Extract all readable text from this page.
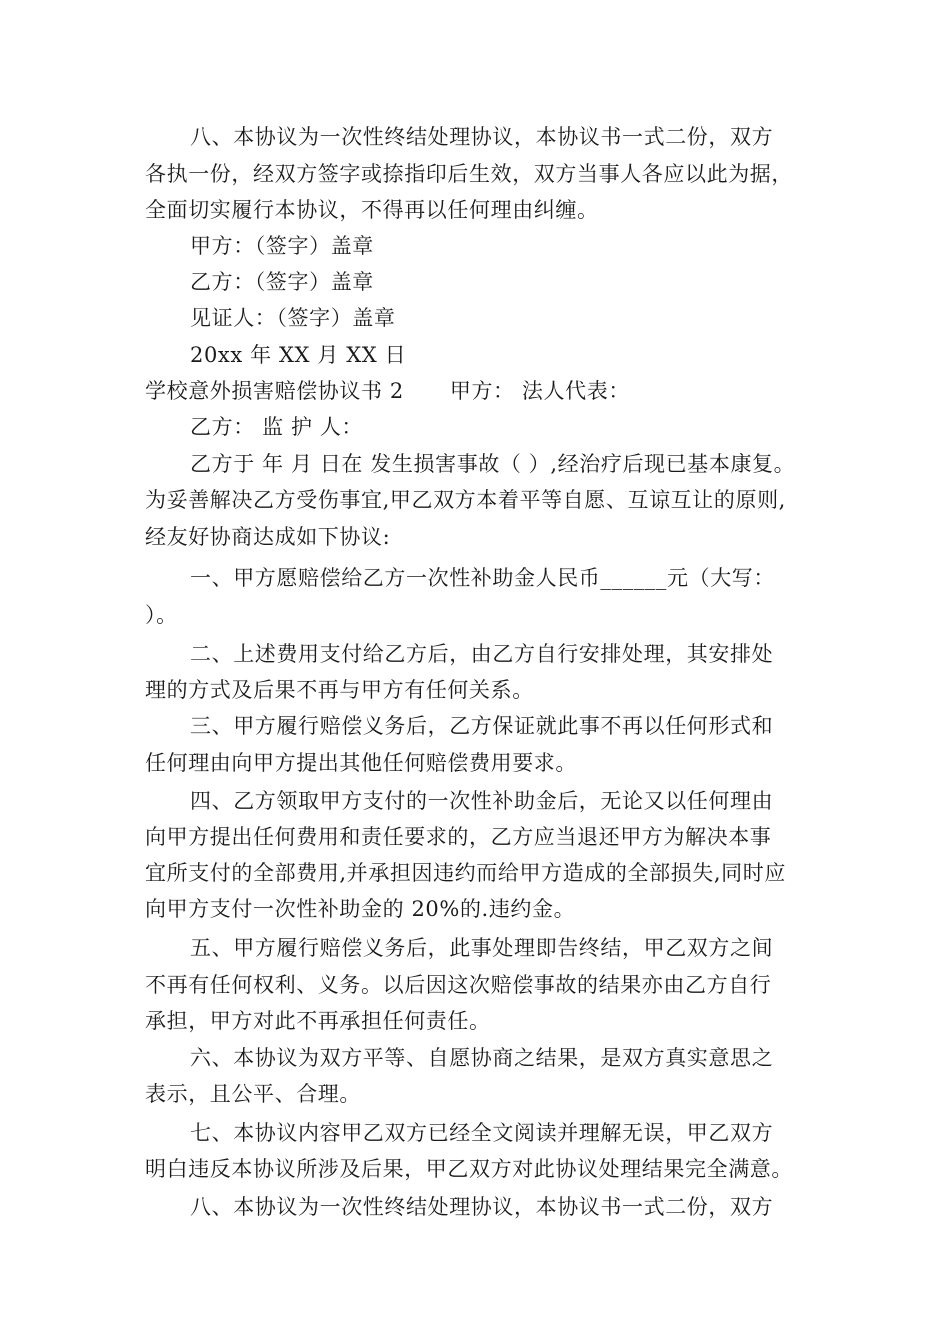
八、本协议为一次性终结处理协议，本协议书一式二份，双方
各执一份，经双方签字或捺指印后生效，双方当事人各应以此为据，
全面切实履行本协议，不得再以任何理由纠缠。
甲方：（签字）盖章
乙方：（签字）盖章
见证人：（签字）盖章
20xx 年 XX 月 XX 日
学校意外损害赔偿协议书 2 甲方： 法人代表：
乙方： 监 护 人：
乙方于 年 月 日在 发生损害事故（ ）,经治疗后现已基本康复。
为妥善解决乙方受伤事宜,甲乙双方本着平等自愿、互谅互让的原则,
经友好协商达成如下协议:
一、甲方愿赔偿给乙方一次性补助金人民币______元（大写：
）。
二、上述费用支付给乙方后，由乙方自行安排处理，其安排处
理的方式及后果不再与甲方有任何关系。
三、甲方履行赔偿义务后，乙方保证就此事不再以任何形式和
任何理由向甲方提出其他任何赔偿费用要求。
四、乙方领取甲方支付的一次性补助金后，无论又以任何理由
向甲方提出任何费用和责任要求的，乙方应当退还甲方为解决本事
宜所支付的全部费用,并承担因违约而给甲方造成的全部损失,同时应
向甲方支付一次性补助金的 20%的.违约金。
五、甲方履行赔偿义务后，此事处理即告终结，甲乙双方之间
不再有任何权利、义务。以后因这次赔偿事故的结果亦由乙方自行
承担，甲方对此不再承担任何责任。
六、本协议为双方平等、自愿协商之结果，是双方真实意思之
表示，且公平、合理。
七、本协议内容甲乙双方已经全文阅读并理解无误，甲乙双方
明白违反本协议所涉及后果，甲乙双方对此协议处理结果完全满意。
八、本协议为一次性终结处理协议，本协议书一式二份，双方
